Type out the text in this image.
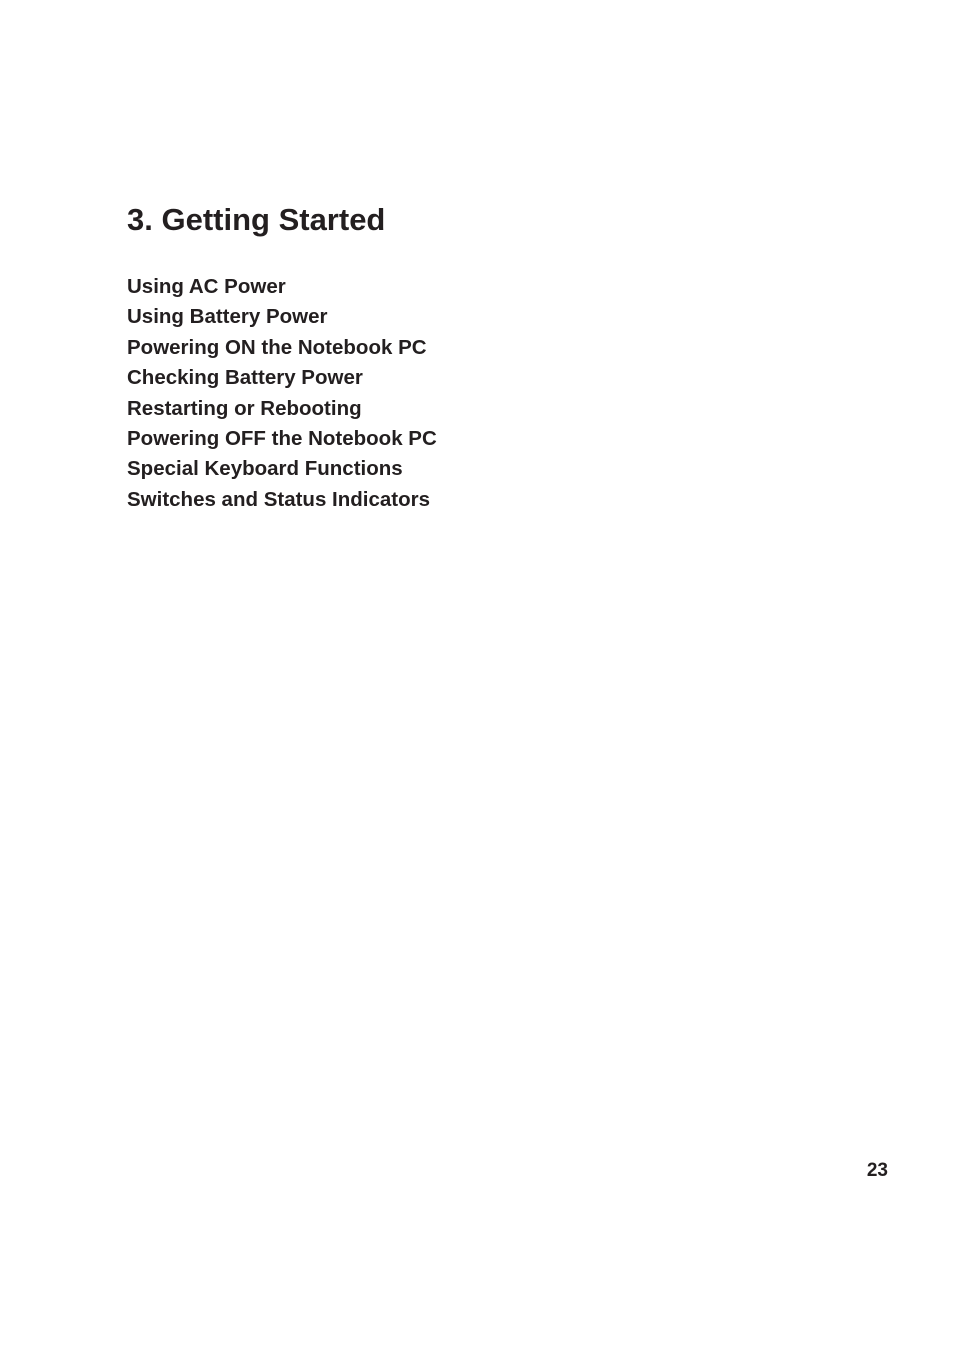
3. Getting Started
Using AC Power
Using Battery Power
Powering ON the Notebook PC
Checking Battery Power
Restarting or Rebooting
Powering OFF the Notebook PC
Special Keyboard Functions
Switches and Status Indicators
23
